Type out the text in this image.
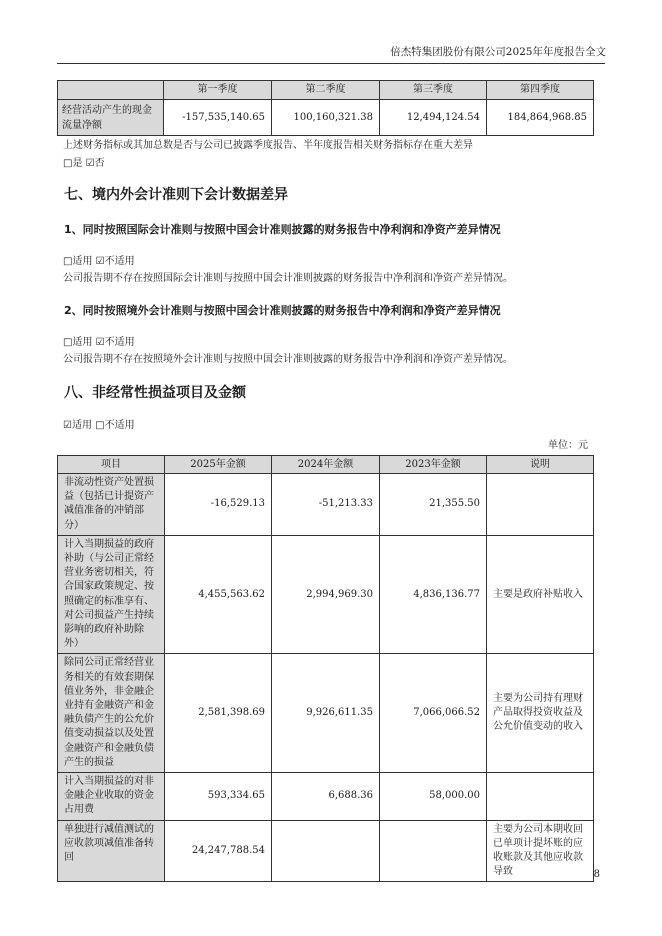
倍杰特集团股份有限公司2025年年度报告全文
	第一季度	第二季度	第三季度	第四季度
经营活动产生的现金流量净额	-157,535,140.65	100,160,321.38	12,494,124.54	184,864,968.85
上述财务指标或其加总数是否与公司已披露季度报告、半年度报告相关财务指标存在重大差异
□是 ☑否
七、境内外会计准则下会计数据差异
1、同时按照国际会计准则与按照中国会计准则披露的财务报告中净利润和净资产差异情况
□适用 ☑不适用
公司报告期不存在按照国际会计准则与按照中国会计准则披露的财务报告中净利润和净资产差异情况。
2、同时按照境外会计准则与按照中国会计准则披露的财务报告中净利润和净资产差异情况
□适用 ☑不适用
公司报告期不存在按照境外会计准则与按照中国会计准则披露的财务报告中净利润和净资产差异情况。
八、非经常性损益项目及金额
☑适用 □不适用
单位：元
项目	2025年金额	2024年金额	2023年金额	说明
非流动性资产处置损益（包括已计提资产减值准备的冲销部分）	-16,529.13	-51,213.33	21,355.50	
计入当期损益的政府补助（与公司正常经营业务密切相关，符合国家政策规定、按照确定的标准享有、对公司损益产生持续影响的政府补助除外）	4,455,563.62	2,994,969.30	4,836,136.77	主要是政府补贴收入
除同公司正常经营业务相关的有效套期保值业务外，非金融企业持有金融资产和金融负债产生的公允价值变动损益以及处置金融资产和金融负债产生的损益	2,581,398.69	9,926,611.35	7,066,066.52	主要为公司持有理财产品取得投资收益及公允价值变动的收入
计入当期损益的对非金融企业收取的资金占用费	593,334.65	6,688.36	58,000.00	
单独进行减值测试的应收款项减值准备转回	24,247,788.54			主要为公司本期收回已单项计提坏账的应收账款及其他应收款导致	8
